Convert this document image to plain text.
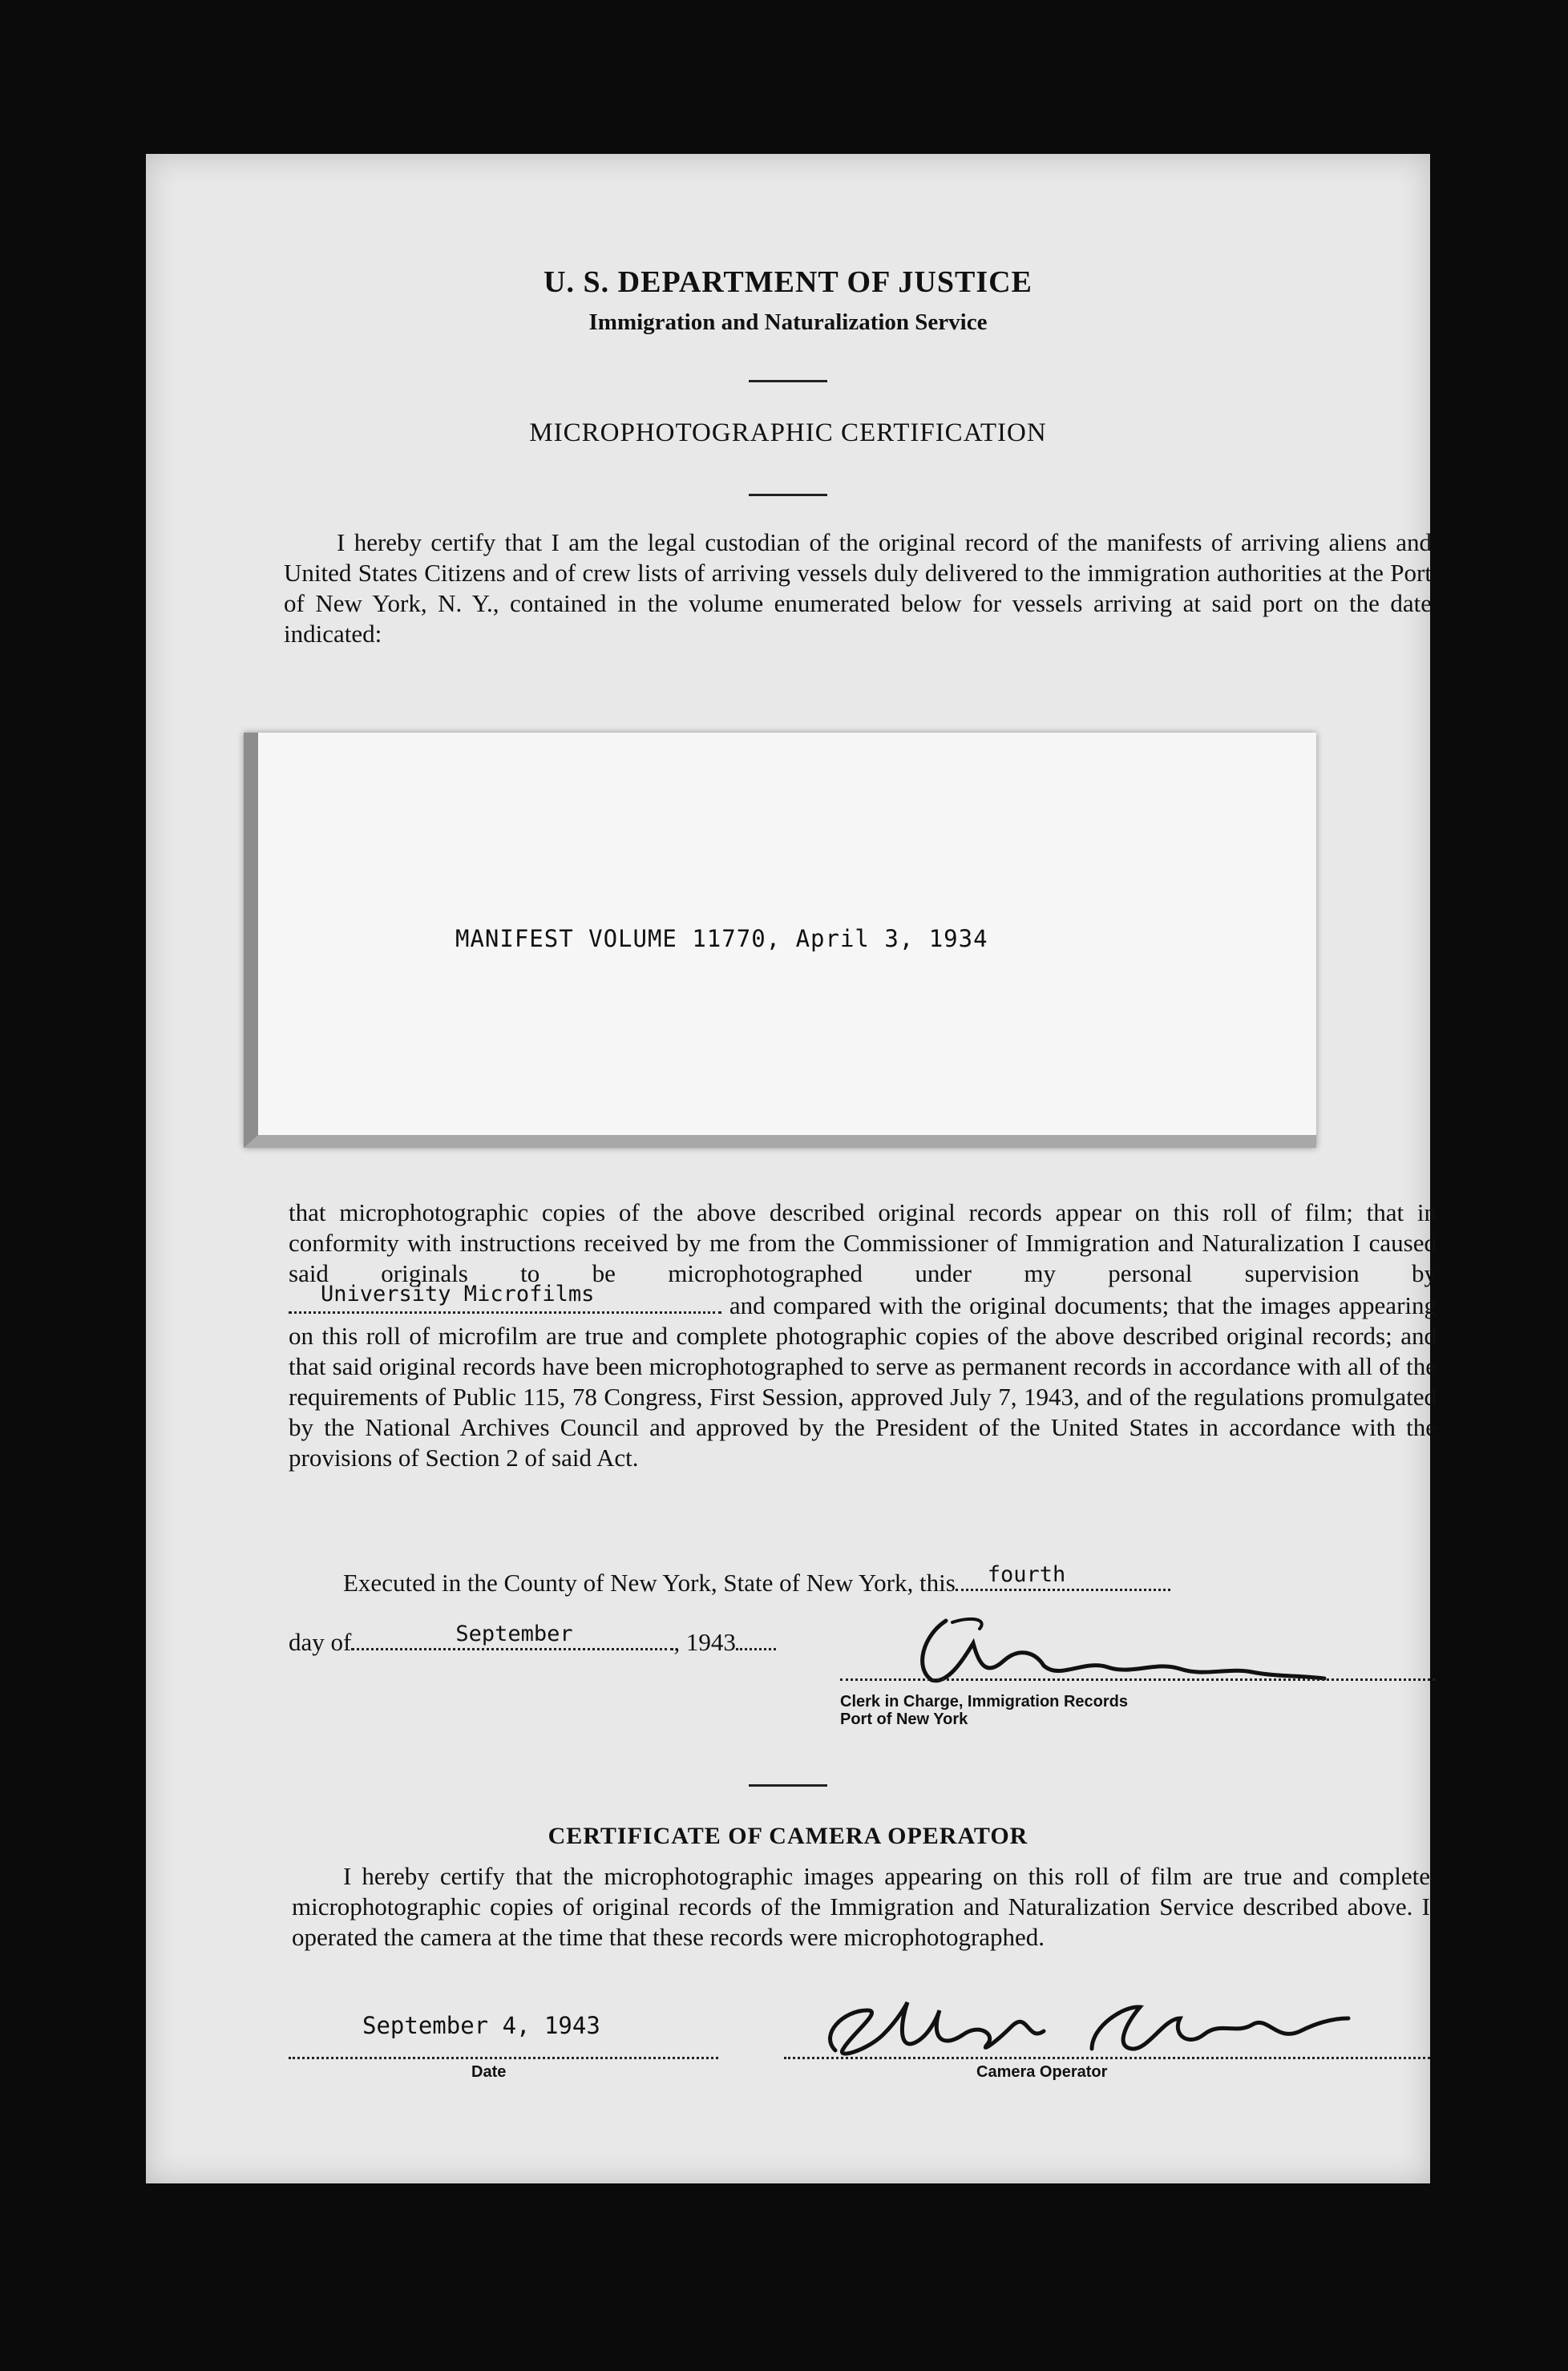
U. S. DEPARTMENT OF JUSTICE
Immigration and Naturalization Service
MICROPHOTOGRAPHIC CERTIFICATION
I hereby certify that I am the legal custodian of the original record of the manifests of arriving aliens and United States Citizens and of crew lists of arriving vessels duly delivered to the immigration authorities at the Port of New York, N. Y., contained in the volume enumerated below for vessels arriving at said port on the date indicated:
MANIFEST VOLUME 11770, April 3, 1934
that microphotographic copies of the above described original records appear on this roll of film; that in conformity with instructions received by me from the Commissioner of Immigration and Naturalization I caused said originals to be microphotographed under my personal supervision by
University Microfilms	and compared with the original documents; that the images appearing on this roll of microfilm are true and complete photographic copies of the above described original records; and that said original records have been microphotographed to serve as permanent records in accordance with all of the requirements of Public 115, 78 Congress, First Session, approved July 7, 1943, and of the regulations promulgated by the National Archives Council and approved by the President of the United States in accordance with the provisions of Section 2 of said Act.
Executed in the County of New York, State of New York, this fourth
day of	September	, 1943
Clerk in Charge, Immigration Records
Port of New York
CERTIFICATE OF CAMERA OPERATOR
I hereby certify that the microphotographic images appearing on this roll of film are true and complete microphotographic copies of original records of the Immigration and Naturalization Service described above. I operated the camera at the time that these records were microphotographed.
September 4, 1943
Date	Camera Operator
